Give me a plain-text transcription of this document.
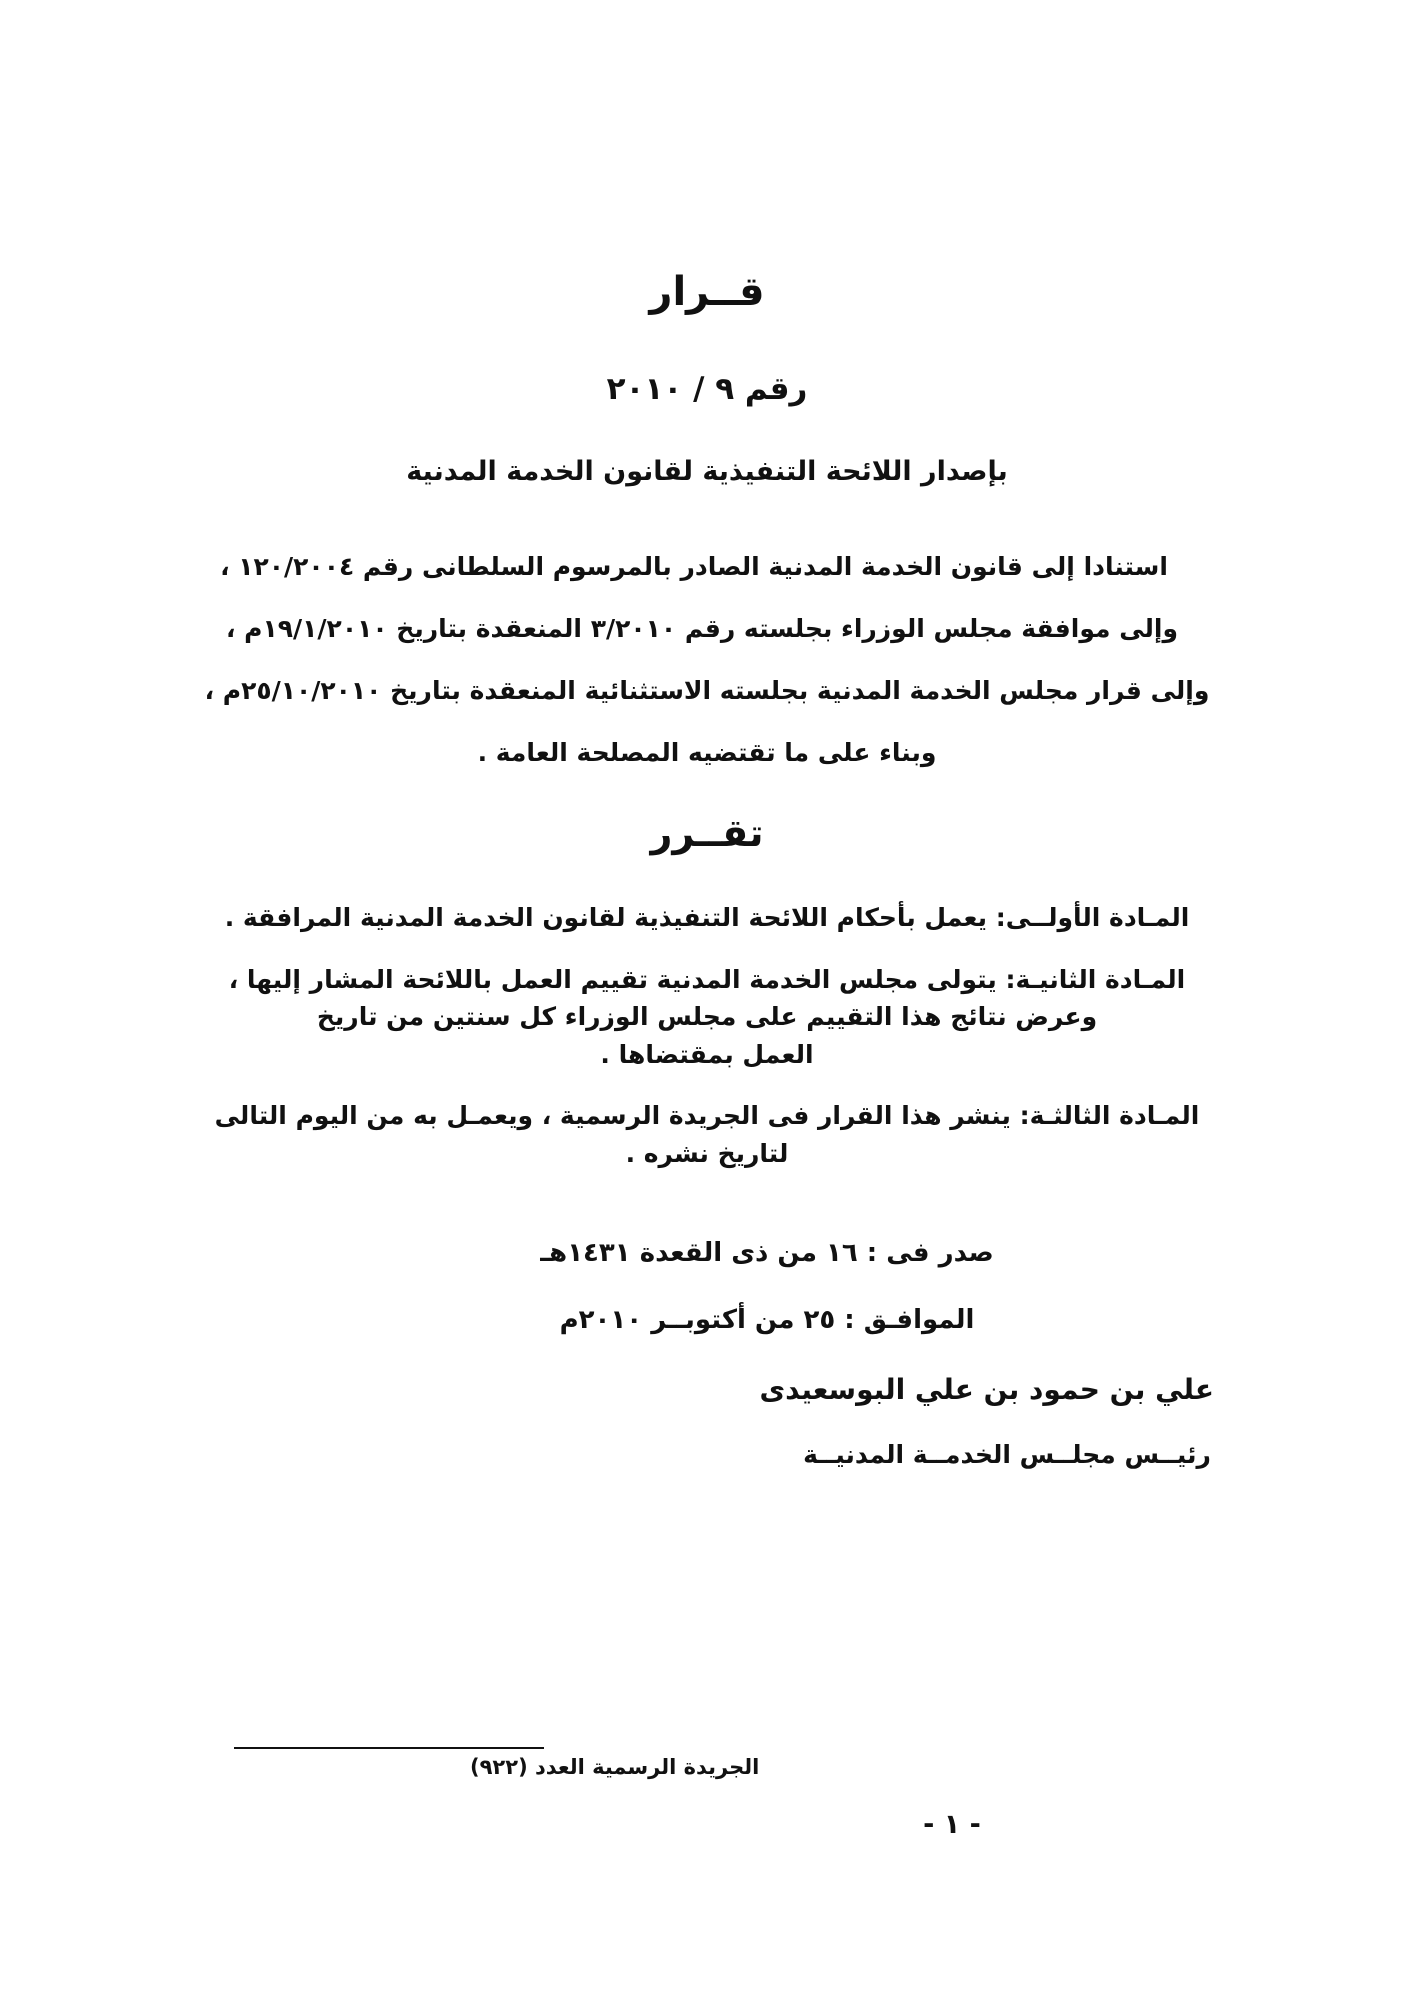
قــرار
رقم ٩ / ٢٠١٠
بإصدار اللائحة التنفيذية لقانون الخدمة المدنية

استنادا إلى قانون الخدمة المدنية الصادر بالمرسوم السلطانى رقم ١٢٠/٢٠٠٤ ،

وإلى موافقة مجلس الوزراء بجلسته رقم ٣/٢٠١٠ المنعقدة بتاريخ ١٩/١/٢٠١٠م ،

وإلى قرار مجلس الخدمة المدنية بجلسته الاستثنائية المنعقدة بتاريخ ٢٥/١٠/٢٠١٠م ،

وبناء على ما تقتضيه المصلحة العامة .

تقــرر
المـادة الأولــى: يعمل بأحكام اللائحة التنفيذية لقانون الخدمة المدنية المرافقة .
المـادة الثانيـة: يتولى مجلس الخدمة المدنية تقييم العمل باللائحة المشار إليها ،
وعرض نتائج هذا التقييم على مجلس الوزراء كل سنتين من تاريخ
العمل بمقتضاها .
المـادة الثالثـة: ينشر هذا القرار فى الجريدة الرسمية ، ويعمـل به من اليوم التالى
لتاريخ نشره .
صدر فى : ١٦ من ذى القعدة ١٤٣١هـ
الموافـق : ٢٥ من أكتوبــر ٢٠١٠م
علي بن حمود بن علي البوسعيدى
رئيــس مجلــس الخدمــة المدنيــة
الجريدة الرسمية العدد (٩٢٢)
- ١ -
